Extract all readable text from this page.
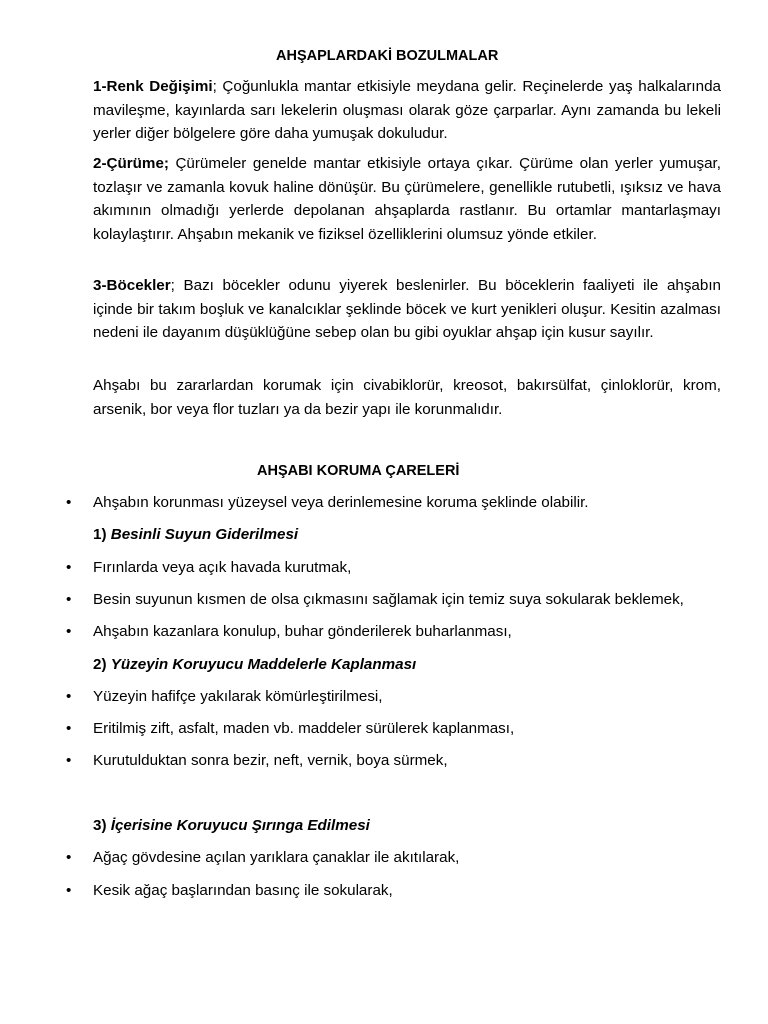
AHŞAPLARDAKİ BOZULMALAR

1-Renk Değişimi; Çoğunlukla mantar etkisiyle meydana gelir. Reçinelerde yaş halkalarında mavileşme, kayınlarda sarı lekelerin oluşması olarak göze çarparlar. Aynı zamanda bu lekeli yerler diğer bölgelere göre daha yumuşak dokuludur.

2-Çürüme; Çürümeler genelde mantar etkisiyle ortaya çıkar. Çürüme olan yerler yumuşar, tozlaşır ve zamanla kovuk haline dönüşür. Bu çürümelere, genellikle rutubetli, ışıksız ve hava akımının olmadığı yerlerde depolanan ahşaplarda rastlanır. Bu ortamlar mantarlaşmayı kolaylaştırır. Ahşabın mekanik ve fiziksel özelliklerini olumsuz yönde etkiler.

3-Böcekler; Bazı böcekler odunu yiyerek beslenirler. Bu böceklerin faaliyeti ile ahşabın içinde bir takım boşluk ve kanalcıklar şeklinde böcek ve kurt yenikleri oluşur. Kesitin azalması nedeni ile dayanım düşüklüğüne sebep olan bu gibi oyuklar ahşap için kusur sayılır.

Ahşabı bu zararlardan korumak için civabiklorür, kreosot, bakırsülfat, çinloklorür, krom, arsenik, bor veya flor tuzları ya da bezir yapı ile korunmalıdır.

AHŞABI KORUMA ÇARELERİ
•	Ahşabın korunması yüzeysel veya derinlemesine koruma şeklinde olabilir.
1) Besinli Suyun Giderilmesi
•	Fırınlarda veya açık havada kurutmak,
•	Besin suyunun kısmen de olsa çıkmasını sağlamak için temiz suya sokularak beklemek,
•	Ahşabın kazanlara konulup, buhar gönderilerek buharlanması,
2) Yüzeyin Koruyucu Maddelerle Kaplanması
•	Yüzeyin hafifçe yakılarak kömürleştirilmesi,
•	Eritilmiş zift, asfalt, maden vb. maddeler sürülerek kaplanması,
•	Kurutulduktan sonra bezir, neft, vernik, boya sürmek,
3) İçerisine Koruyucu Şırınga Edilmesi
•	Ağaç gövdesine açılan yarıklara çanaklar ile akıtılarak,
•	Kesik ağaç başlarından basınç ile sokularak,
